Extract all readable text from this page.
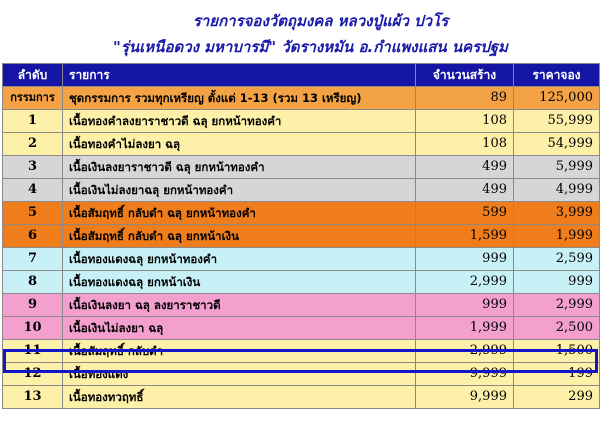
รายการจองวัตถุมงคล หลวงปู่แผ้ว ปวโร
"รุ่นเหนือดวง มหาบารมี" วัดรางหมัน อ.กำแพงแสน นครปฐม
ลำดับ	รายการ	จำนวนสร้าง	ราคาจอง
กรรมการ	ชุดกรรมการ รวมทุกเหรียญ ตั้งแต่ 1-13 (รวม 13 เหรียญ)	89	125,000
1	เนื้อทองคำลงยาราชาวดี ฉลุ ยกหน้าทองคำ	108	55,999
2	เนื้อทองคำไม่ลงยา ฉลุ	108	54,999
3	เนื้อเงินลงยาราชาวดี ฉลุ ยกหน้าทองคำ	499	5,999
4	เนื้อเงินไม่ลงยาฉลุ ยกหน้าทองคำ	499	4,999
5	เนื้อสัมฤทธิ์ กลับดำ ฉลุ ยกหน้าทองคำ	599	3,999
6	เนื้อสัมฤทธิ์ กลับดำ ฉลุ ยกหน้าเงิน	1,599	1,999
7	เนื้อทองแดงฉลุ ยกหน้าทองคำ	999	2,599
8	เนื้อทองแดงฉลุ ยกหน้าเงิน	2,999	999
9	เนื้อเงินลงยา ฉลุ ลงยาราชาวดี	999	2,999
10	เนื้อเงินไม่ลงยา ฉลุ	1,999	2,500
11	เนื้อสัมฤทธิ์ กลับดำ	2,999	1,500
12	เนื้อทองแดง	9,999	199
13	เนื้อทองทวฤทธิ์	9,999	299
